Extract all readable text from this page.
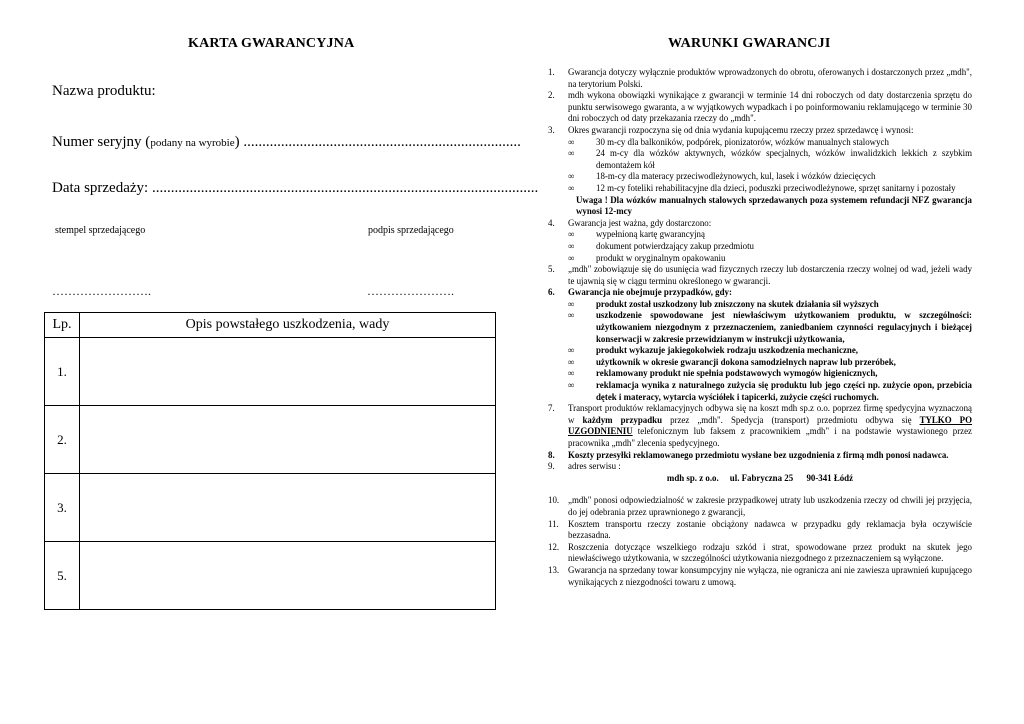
KARTA GWARANCYJNA
Nazwa produktu:
Numer seryjny (podany na wyrobie) ..........................................................................
Data sprzedaży: .......................................................................................................
stempel sprzedającego	podpis sprzedającego
…………………….	………………….
Lp.	Opis powstałego uszkodzenia, wady
1.	
2.	
3.	
5.	
WARUNKI GWARANCJI
1.	Gwarancja dotyczy wyłącznie produktów wprowadzonych do obrotu, oferowanych i dostarczonych przez „mdh", na terytorium Polski.
2.	mdh wykona obowiązki wynikające z gwarancji w terminie 14 dni roboczych od daty dostarczenia sprzętu do punktu serwisowego gwaranta, a w wyjątkowych wypadkach i po poinformowaniu reklamującego w terminie 30 dni roboczych od daty przekazania rzeczy do „mdh".
3.	Okres gwarancji rozpoczyna się od dnia wydania kupującemu rzeczy przez sprzedawcę i wynosi:
∞	30 m-cy dla balkoników, podpórek, pionizatorów, wózków manualnych stalowych
∞	24 m-cy dla wózków aktywnych, wózków specjalnych, wózków inwalidzkich lekkich z szybkim demontażem kół
∞	18-m-cy dla materacy przeciwodleżynowych, kul, lasek i wózków dziecięcych
∞	12 m-cy foteliki rehabilitacyjne dla dzieci, poduszki przeciwodleżynowe, sprzęt sanitarny i pozostały
Uwaga ! Dla wózków manualnych stalowych sprzedawanych poza systemem refundacji NFZ gwarancja wynosi 12-mcy
4.	Gwarancja jest ważna, gdy dostarczono:
∞	wypełnioną kartę gwarancyjną
∞	dokument potwierdzający zakup przedmiotu
∞	produkt w oryginalnym opakowaniu
5.	„mdh" zobowiązuje się do usunięcia wad fizycznych rzeczy lub dostarczenia rzeczy wolnej od wad, jeżeli wady te ujawnią się w ciągu terminu określonego w gwarancji.
6.	Gwarancja nie obejmuje przypadków, gdy:
∞	produkt został uszkodzony lub zniszczony na skutek działania sił wyższych
∞	uszkodzenie spowodowane jest niewłaściwym użytkowaniem produktu, w szczególności: użytkowaniem niezgodnym z przeznaczeniem, zaniedbaniem czynności regulacyjnych i bieżącej konserwacji w zakresie przewidzianym w instrukcji użytkowania,
∞	produkt wykazuje jakiegokolwiek rodzaju uszkodzenia mechaniczne,
∞	użytkownik w okresie gwarancji dokona samodzielnych napraw lub przeróbek,
∞	reklamowany produkt nie spełnia podstawowych wymogów higienicznych,
∞	reklamacja wynika z naturalnego zużycia się produktu lub jego części np. zużycie opon, przebicia dętek i materacy, wytarcia wyściółek i tapicerki, zużycie części ruchomych.
7.	Transport produktów reklamacyjnych odbywa się na koszt mdh sp.z o.o. poprzez firmę spedycyjna wyznaczoną w każdym przypadku przez „mdh". Spedycja (transport) przedmiotu odbywa się TYLKO PO UZGODNIENIU telefonicznym lub faksem z pracownikiem „mdh" i na podstawie wystawionego przez pracownika „mdh" zlecenia spedycyjnego.
8.	Koszty przesyłki reklamowanego przedmiotu wysłane bez uzgodnienia z firmą mdh ponosi nadawca.
9.	adres serwisu :
mdh sp. z o.o.     ul. Fabryczna 25      90-341 Łódź
10.	„mdh" ponosi odpowiedzialność w zakresie przypadkowej utraty lub uszkodzenia rzeczy od chwili jej przyjęcia, do jej odebrania przez uprawnionego z gwarancji,
11.	Kosztem transportu rzeczy zostanie obciążony nadawca w przypadku gdy reklamacja była oczywiście bezzasadna.
12.	Roszczenia dotyczące wszelkiego rodzaju szkód i strat, spowodowane przez produkt na skutek jego niewłaściwego użytkowania, w szczególności użytkowania niezgodnego z przeznaczeniem są wyłączone.
13.	Gwarancja na sprzedany towar konsumpcyjny nie wyłącza, nie ogranicza ani nie zawiesza uprawnień kupującego wynikających z niezgodności towaru z umową.
